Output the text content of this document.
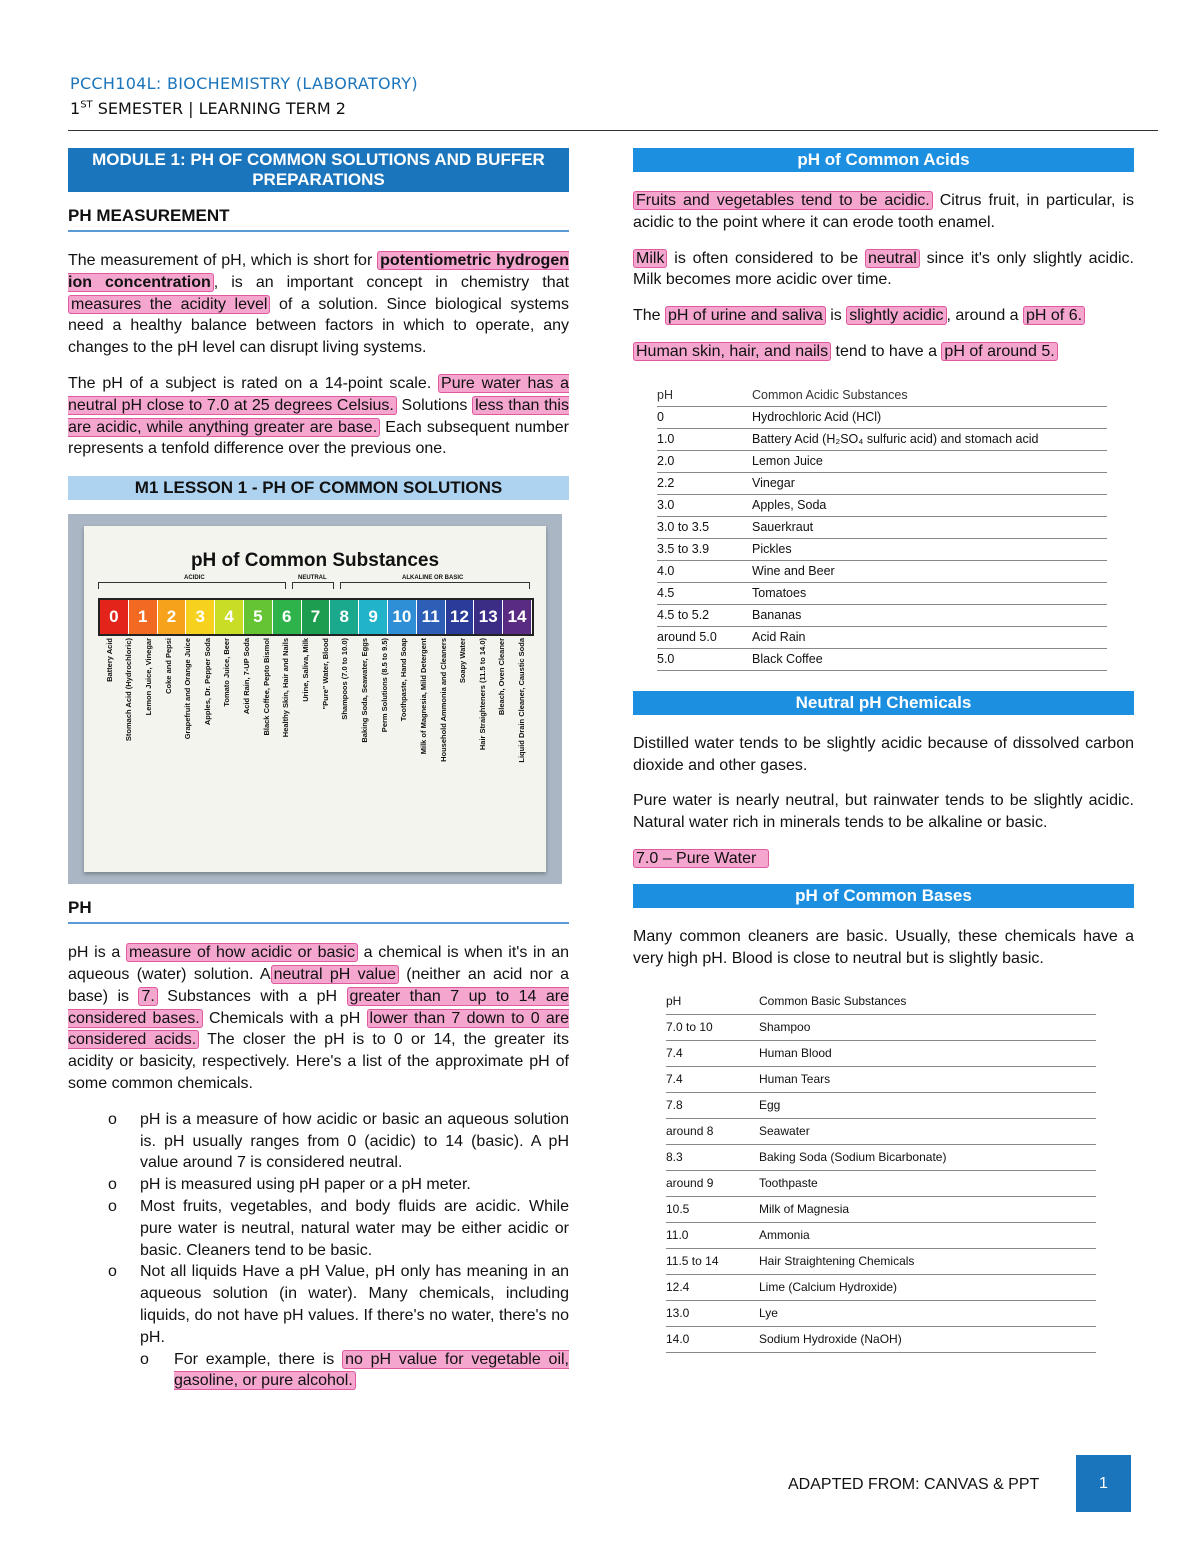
PCCH104L: BIOCHEMISTRY (LABORATORY)
1ST SEMESTER | LEARNING TERM 2
MODULE 1: PH OF COMMON SOLUTIONS AND BUFFER PREPARATIONS
PH MEASUREMENT

The measurement of pH, which is short for potentiometric hydrogen ion concentration , is an important concept in chemistry that measures the acidity level of a solution. Since biological systems need a healthy balance between factors in which to operate, any changes to the pH level can disrupt living systems.

The pH of a subject is rated on a 14-point scale. Pure water has a neutral pH close to 7.0 at 25 degrees Celsius. Solutions less than this are acidic, while anything greater are base. Each subsequent number represents a tenfold difference over the previous one.

M1 LESSON 1 - PH OF COMMON SOLUTIONS
pH of Common Substances
ACIDIC	NEUTRAL	ALKALINE OR BASIC
0	1	2	3	4	5	6	7	8	9 10 11 12 13 14
Battery Acid Stomach Acid (Hydrochloric) Lemon Juice, Vinegar Coke and Pepsi Grapefruit and Orange Juice Apples, Dr. Pepper Soda Tomato Juice, Beer Acid Rain, 7-UP Soda Black Coffee, Pepto Bismol Healthy Skin, Hair and Nails Urine, Saliva, Milk "Pure" Water, Blood Shampoos (7.0 to 10.0) Baking Soda, Seawater, Eggs Perm Solutions (8.5 to 9.5) Toothpaste, Hand Soap Milk of Magnesia, Mild Detergent Household Ammonia and Cleaners Soapy Water Hair Straighteners (11.5 to 14.0) Bleach, Oven Cleaner Liquid Drain Cleaner, Caustic Soda
PH

pH is a measure of how acidic or basic a chemical is when it's in an aqueous (water) solution. A neutral pH value (neither an acid nor a base) is 7. Substances with a pH greater than 7 up to 14 are considered bases. Chemicals with a pH lower than 7 down to 0 are considered acids. The closer the pH is to 0 or 14, the greater its acidity or basicity, respectively. Here's a list of the approximate pH of some common chemicals.

o pH is a measure of how acidic or basic an aqueous solution is. pH usually ranges from 0 (acidic) to 14 (basic). A pH value around 7 is considered neutral.
o pH is measured using pH paper or a pH meter.
o Most fruits, vegetables, and body fluids are acidic. While pure water is neutral, natural water may be either acidic or basic. Cleaners tend to be basic.
o Not all liquids Have a pH Value, pH only has meaning in an aqueous solution (in water). Many chemicals, including liquids, do not have pH values. If there's no water, there's no pH.
o For example, there is no pH value for vegetable oil, gasoline, or pure alcohol.
pH of Common Acids

Fruits and vegetables tend to be acidic. Citrus fruit, in particular, is acidic to the point where it can erode tooth enamel.

Milk is often considered to be neutral since it's only slightly acidic. Milk becomes more acidic over time.

The pH of urine and saliva is slightly acidic , around a pH of 6.

Human skin, hair, and nails tend to have a pH of around 5.

pH	Common Acidic Substances
0	Hydrochloric Acid (HCl)
1.0	Battery Acid (H₂SO₄ sulfuric acid) and stomach acid
2.0	Lemon Juice
2.2	Vinegar
3.0	Apples, Soda
3.0 to 3.5	Sauerkraut
3.5 to 3.9	Pickles
4.0	Wine and Beer
4.5	Tomatoes
4.5 to 5.2	Bananas
around 5.0	Acid Rain
5.0	Black Coffee
Neutral pH Chemicals

Distilled water tends to be slightly acidic because of dissolved carbon dioxide and other gases.

Pure water is nearly neutral, but rainwater tends to be slightly acidic. Natural water rich in minerals tends to be alkaline or basic.

7.0 – Pure Water

pH of Common Bases

Many common cleaners are basic. Usually, these chemicals have a very high pH. Blood is close to neutral but is slightly basic.

pH	Common Basic Substances
7.0 to 10	Shampoo
7.4	Human Blood
7.4	Human Tears
7.8	Egg
around 8	Seawater
8.3	Baking Soda (Sodium Bicarbonate)
around 9	Toothpaste
10.5	Milk of Magnesia
11.0	Ammonia
11.5 to 14	Hair Straightening Chemicals
12.4	Lime (Calcium Hydroxide)
13.0	Lye
14.0	Sodium Hydroxide (NaOH)
ADAPTED FROM: CANVAS & PPT	1
